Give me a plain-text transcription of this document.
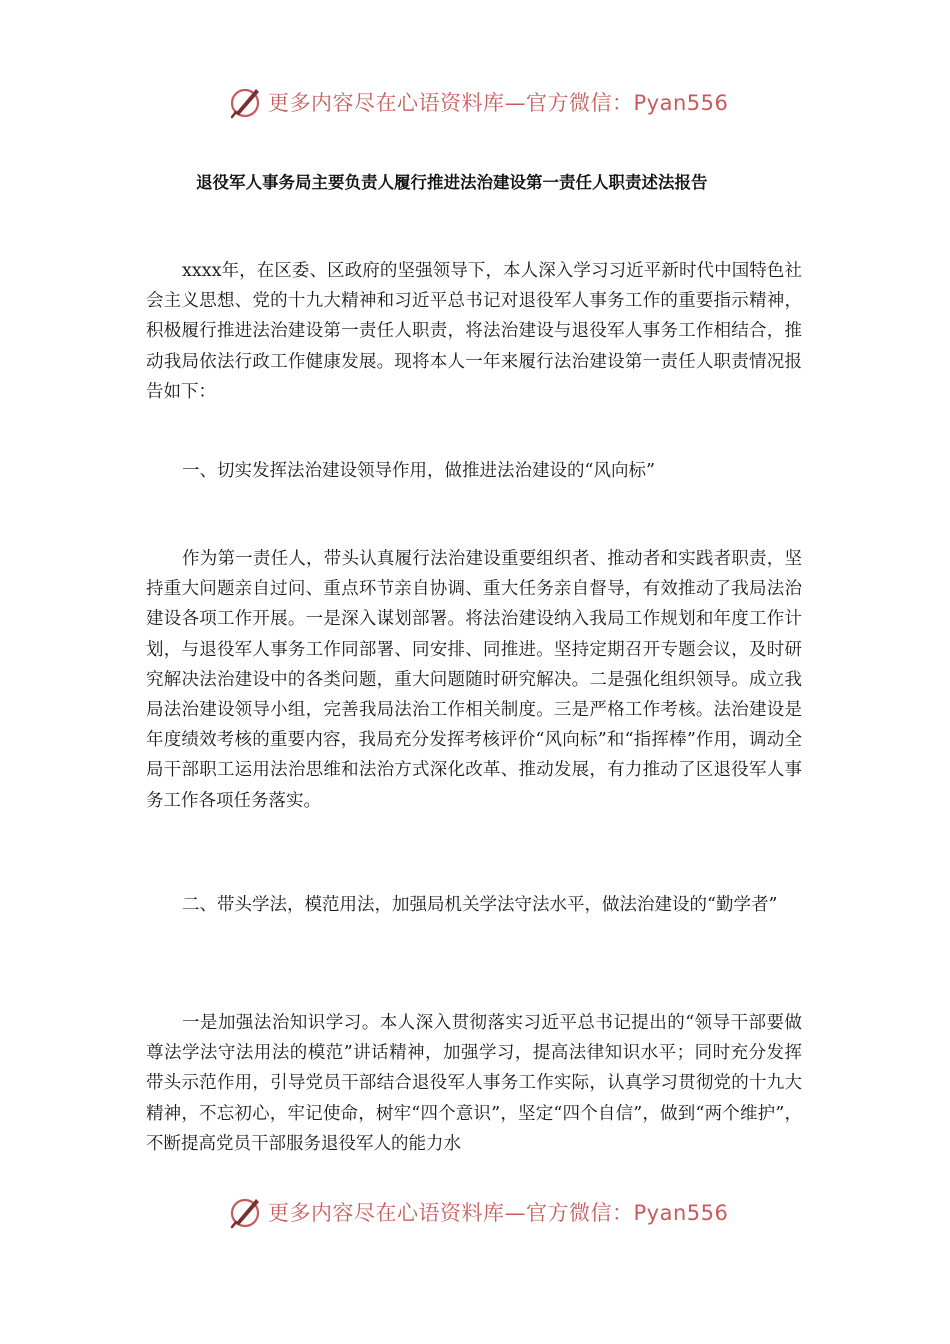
更多内容尽在心语资料库—官方微信：Pyan556
退役军人事务局主要负责人履行推进法治建设第一责任人职责述法报告

xxxx年，在区委、区政府的坚强领导下，本人深入学习习近平新时代中国特色社会主义思想、党的十九大精神和习近平总书记对退役军人事务工作的重要指示精神，积极履行推进法治建设第一责任人职责，将法治建设与退役军人事务工作相结合，推动我局依法行政工作健康发展。现将本人一年来履行法治建设第一责任人职责情况报告如下：

一、切实发挥法治建设领导作用，做推进法治建设的“风向标”

作为第一责任人，带头认真履行法治建设重要组织者、推动者和实践者职责，坚持重大问题亲自过问、重点环节亲自协调、重大任务亲自督导，有效推动了我局法治建设各项工作开展。一是深入谋划部署。将法治建设纳入我局工作规划和年度工作计划，与退役军人事务工作同部署、同安排、同推进。坚持定期召开专题会议，及时研究解决法治建设中的各类问题，重大问题随时研究解决。二是强化组织领导。成立我局法治建设领导小组，完善我局法治工作相关制度。三是严格工作考核。法治建设是年度绩效考核的重要内容，我局充分发挥考核评价“风向标”和“指挥棒”作用，调动全局干部职工运用法治思维和法治方式深化改革、推动发展，有力推动了区退役军人事务工作各项任务落实。

二、带头学法，模范用法，加强局机关学法守法水平，做法治建设的“勤学者”

一是加强法治知识学习。本人深入贯彻落实习近平总书记提出的“领导干部要做尊法学法守法用法的模范”讲话精神，加强学习，提高法律知识水平；同时充分发挥带头示范作用，引导党员干部结合退役军人事务工作实际，认真学习贯彻党的十九大精神，不忘初心，牢记使命，树牢“四个意识”，坚定“四个自信”，做到“两个维护”，不断提高党员干部服务退役军人的能力水

更多内容尽在心语资料库—官方微信：Pyan556
